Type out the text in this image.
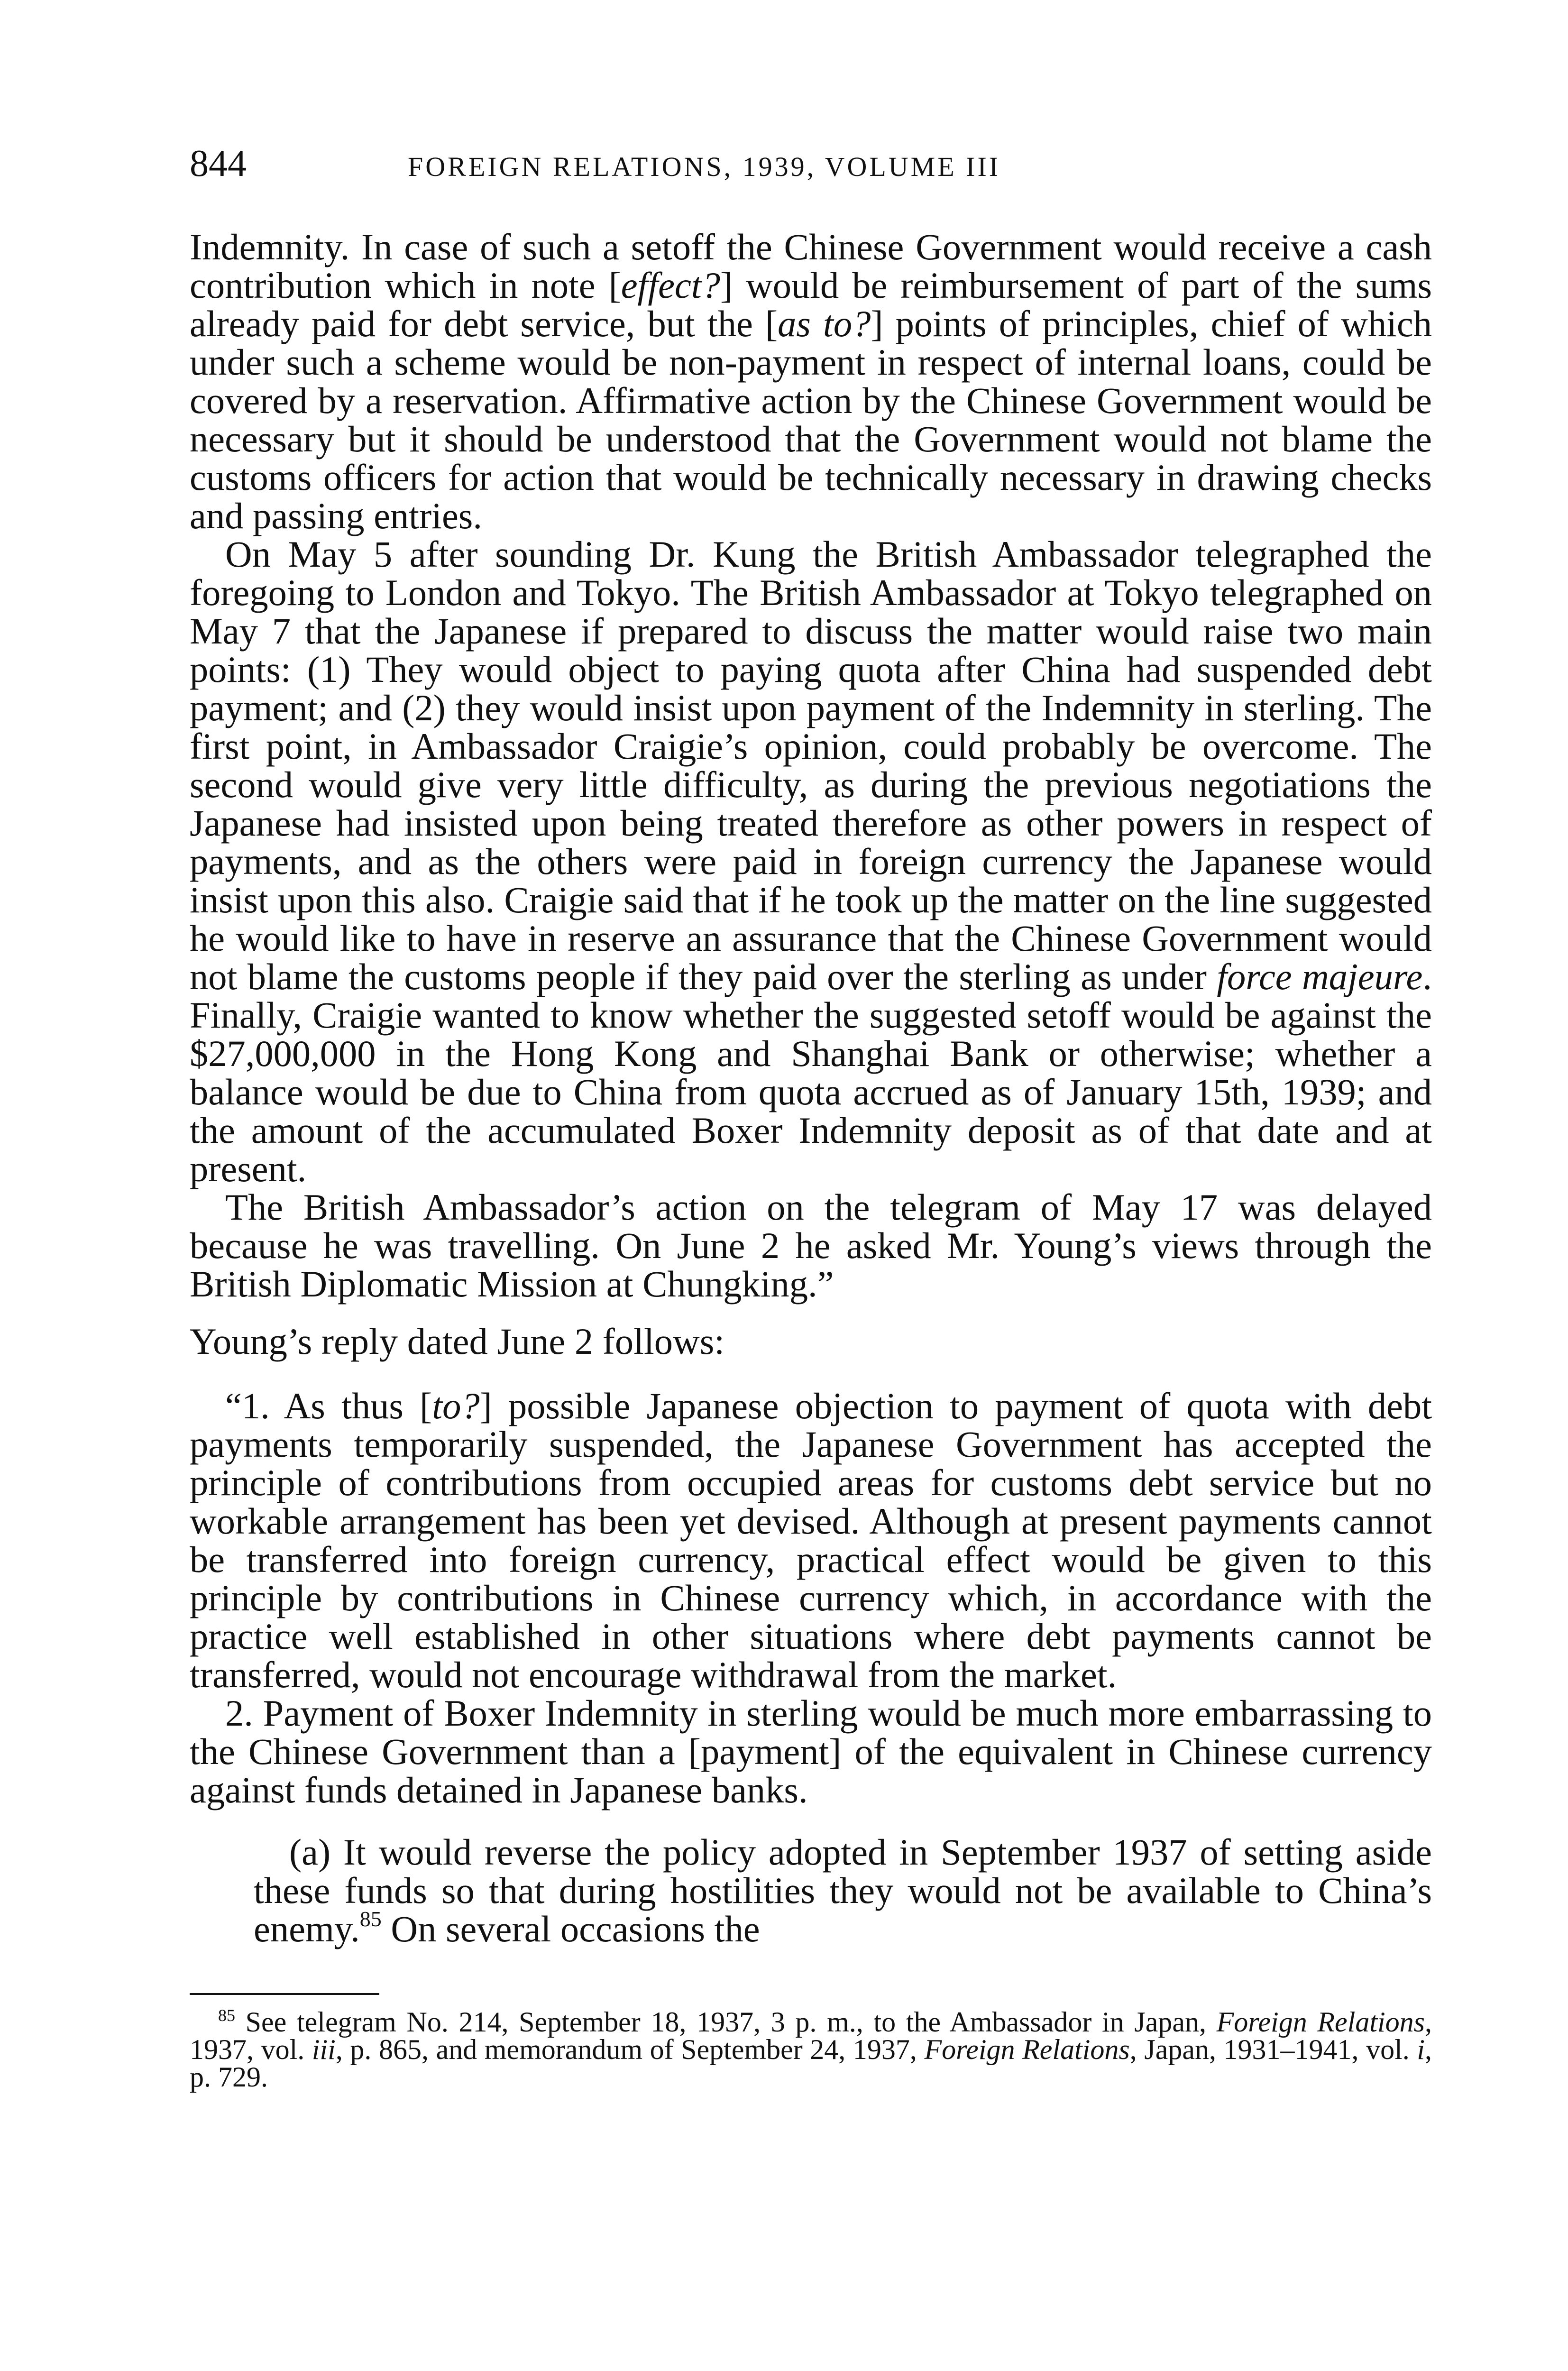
844	FOREIGN RELATIONS, 1939, VOLUME III

Indemnity. In case of such a setoff the Chinese Government would receive a cash contribution which in note [effect?] would be reimbursement of part of the sums already paid for debt service, but the [as to?] points of principles, chief of which under such a scheme would be non-payment in respect of internal loans, could be covered by a reservation. Affirmative action by the Chinese Government would be necessary but it should be understood that the Government would not blame the customs officers for action that would be technically necessary in drawing checks and passing entries.

On May 5 after sounding Dr. Kung the British Ambassador telegraphed the foregoing to London and Tokyo. The British Ambassador at Tokyo telegraphed on May 7 that the Japanese if prepared to discuss the matter would raise two main points: (1) They would object to paying quota after China had suspended debt payment; and (2) they would insist upon payment of the Indemnity in sterling. The first point, in Ambassador Craigie’s opinion, could probably be overcome. The second would give very little difficulty, as during the previous negotiations the Japanese had insisted upon being treated therefore as other powers in respect of payments, and as the others were paid in foreign currency the Japanese would insist upon this also. Craigie said that if he took up the matter on the line suggested he would like to have in reserve an assurance that the Chinese Government would not blame the customs people if they paid over the sterling as under force majeure. Finally, Craigie wanted to know whether the suggested setoff would be against the $27,000,000 in the Hong Kong and Shanghai Bank or otherwise; whether a balance would be due to China from quota accrued as of January 15th, 1939; and the amount of the accumulated Boxer Indemnity deposit as of that date and at present.

The British Ambassador’s action on the telegram of May 17 was delayed because he was travelling. On June 2 he asked Mr. Young’s views through the British Diplomatic Mission at Chungking.”

Young’s reply dated June 2 follows:

“1. As thus [to?] possible Japanese objection to payment of quota with debt payments temporarily suspended, the Japanese Government has accepted the principle of contributions from occupied areas for customs debt service but no workable arrangement has been yet devised. Although at present payments cannot be transferred into foreign currency, practical effect would be given to this principle by contributions in Chinese currency which, in accordance with the practice well established in other situations where debt payments cannot be transferred, would not encourage withdrawal from the market.

2. Payment of Boxer Indemnity in sterling would be much more embarrassing to the Chinese Government than a [payment] of the equivalent in Chinese currency against funds detained in Japanese banks.

(a) It would reverse the policy adopted in September 1937 of setting aside these funds so that during hostilities they would not be available to China’s enemy.$^{85}$ On several occasions the

$^{85}$ See telegram No. 214, September 18, 1937, 3 p. m., to the Ambassador in Japan, Foreign Relations, 1937, vol. iii, p. 865, and memorandum of September 24, 1937, Foreign Relations, Japan, 1931–1941, vol. i, p. 729.
